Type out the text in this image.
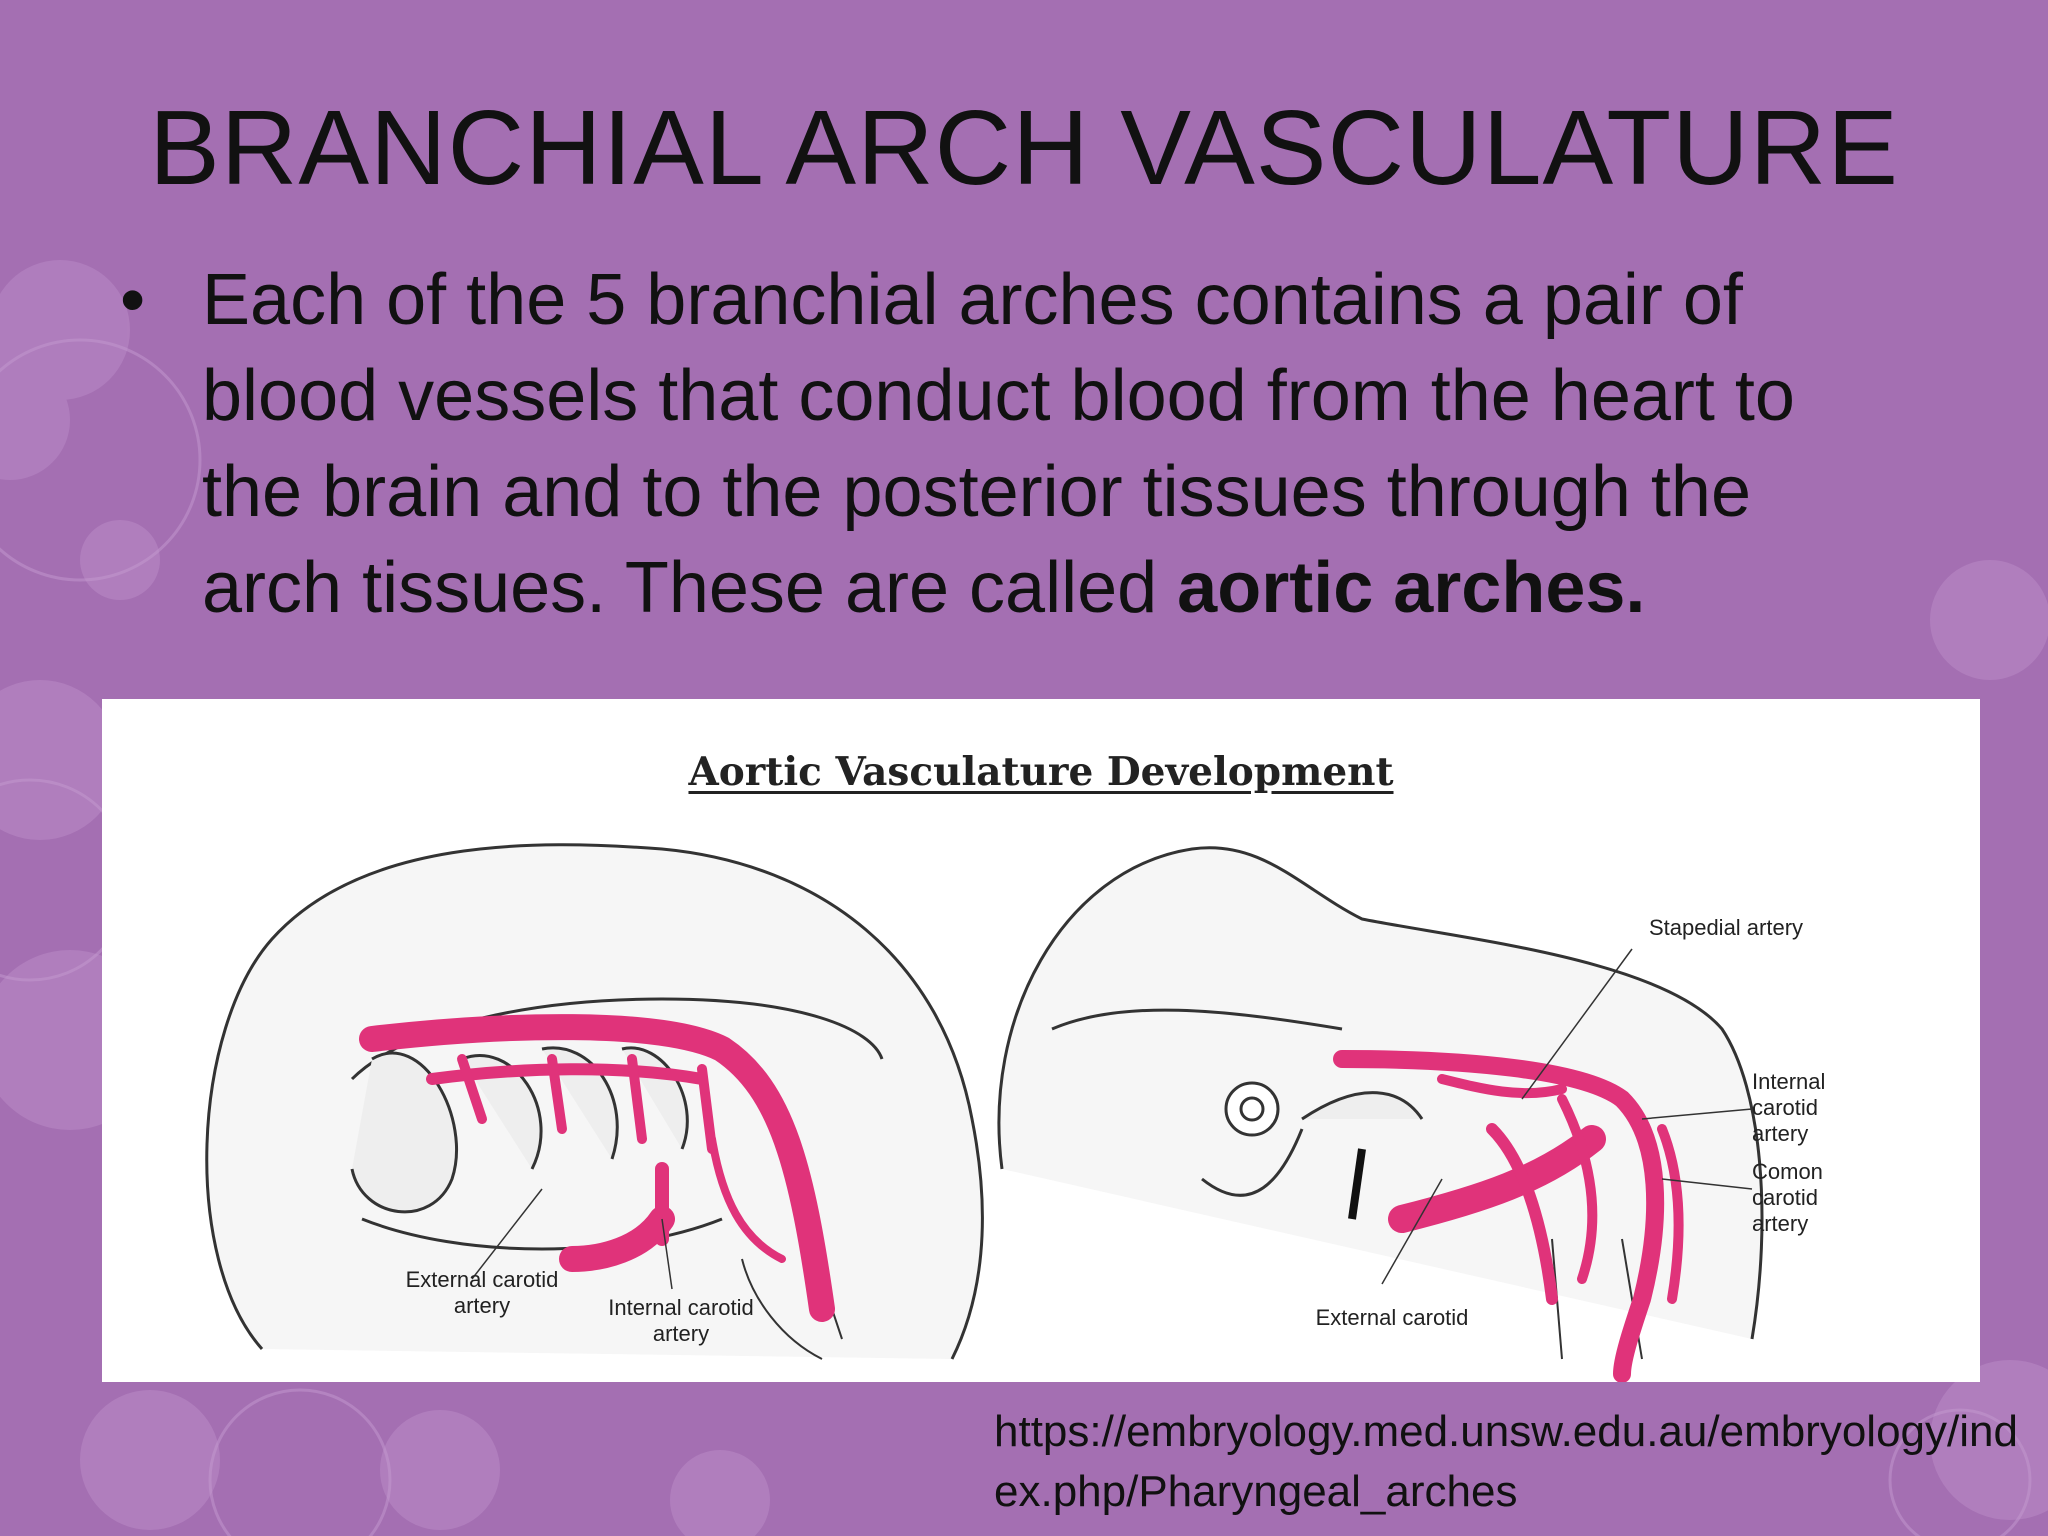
BRANCHIAL ARCH VASCULATURE
• Each of the 5 branchial arches contains a pair of blood vessels that conduct blood from the heart to the brain and to the posterior tissues through the arch tissues. These are called aortic arches.
Aortic Vasculature Development
External carotid artery	Internal carotid artery
Stapedial artery
Internal carotid artery
Comon carotid artery
External carotid
https://embryology.med.unsw.edu.au/embryology/index.php/Pharyngeal_arches
